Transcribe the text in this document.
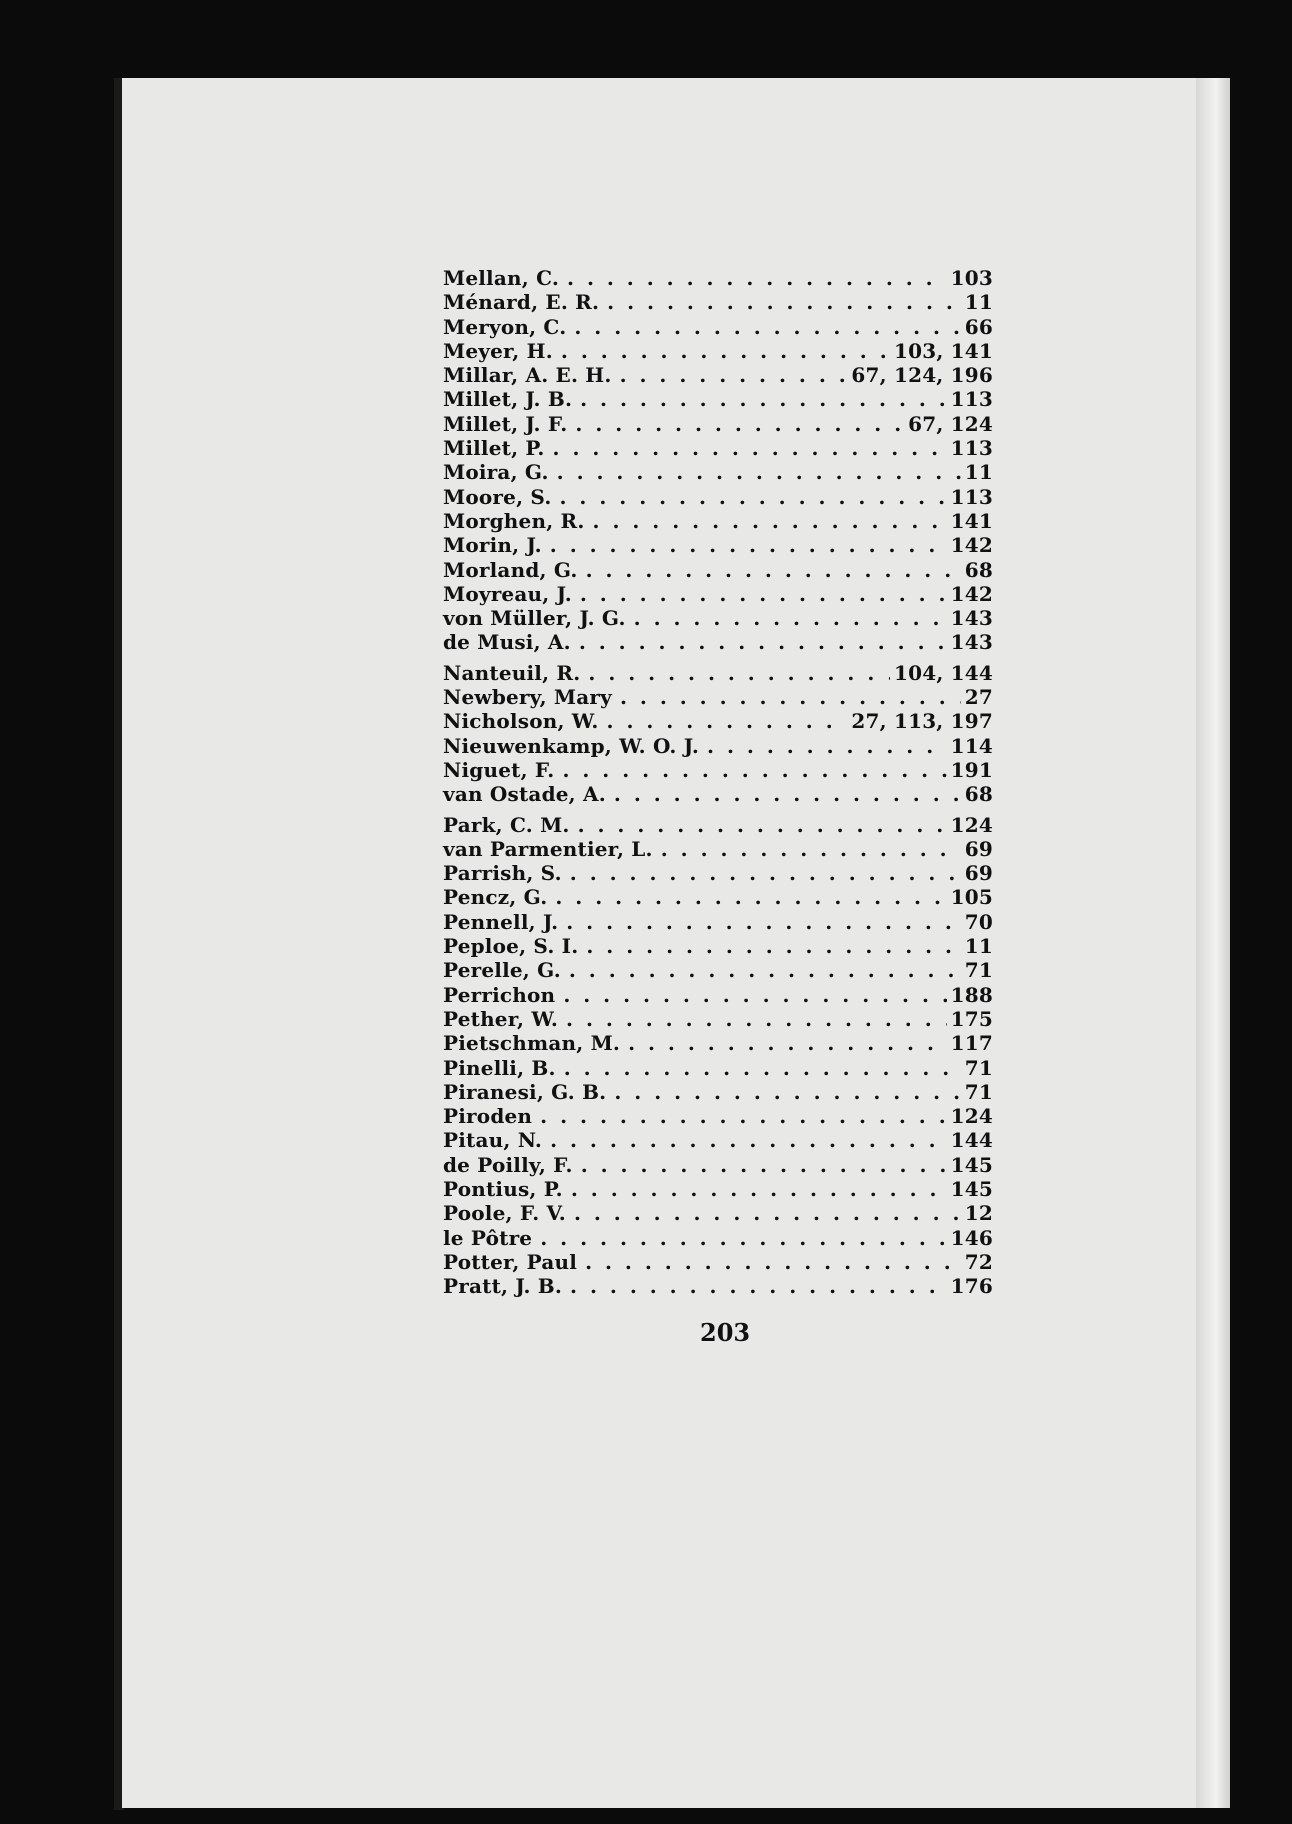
Mellan, C. . . .	103
Ménard, E. R. . . .	11
Meryon, C. . . .	66
Meyer, H. . . .	103, 141
Millar, A. E. H. . . .	67, 124, 196
Millet, J. B. . . .	113
Millet, J. F. . . .	67, 124
Millet, P. . . .	113
Moira, G. . . .	11
Moore, S. . . .	113
Morghen, R. . . .	141
Morin, J. . . .	142
Morland, G. . . .	68
Moyreau, J. . . .	142
von Müller, J. G. . . .	143
de Musi, A. . . .	143
Nanteuil, R. . . .	104, 144
Newbery, Mary . . .	27
Nicholson, W. . . .	27, 113, 197
Nieuwenkamp, W. O. J. . . .	114
Niguet, F. . . .	191
van Ostade, A. . . .	68
Park, C. M. . . .	124
van Parmentier, L. . . .	69
Parrish, S. . . .	69
Pencz, G. . . .	105
Pennell, J. . . .	70
Peploe, S. I. . . .	11
Perelle, G. . . .	71
Perrichon . . .	188
Pether, W. . . .	175
Pietschman, M. . . .	117
Pinelli, B. . . .	71
Piranesi, G. B. . . .	71
Piroden . . .	124
Pitau, N. . . .	144
de Poilly, F. . . .	145
Pontius, P. . . .	145
Poole, F. V. . . .	12
le Pôtre . . .	146
Potter, Paul . . .	72
Pratt, J. B. . . .	176
203
